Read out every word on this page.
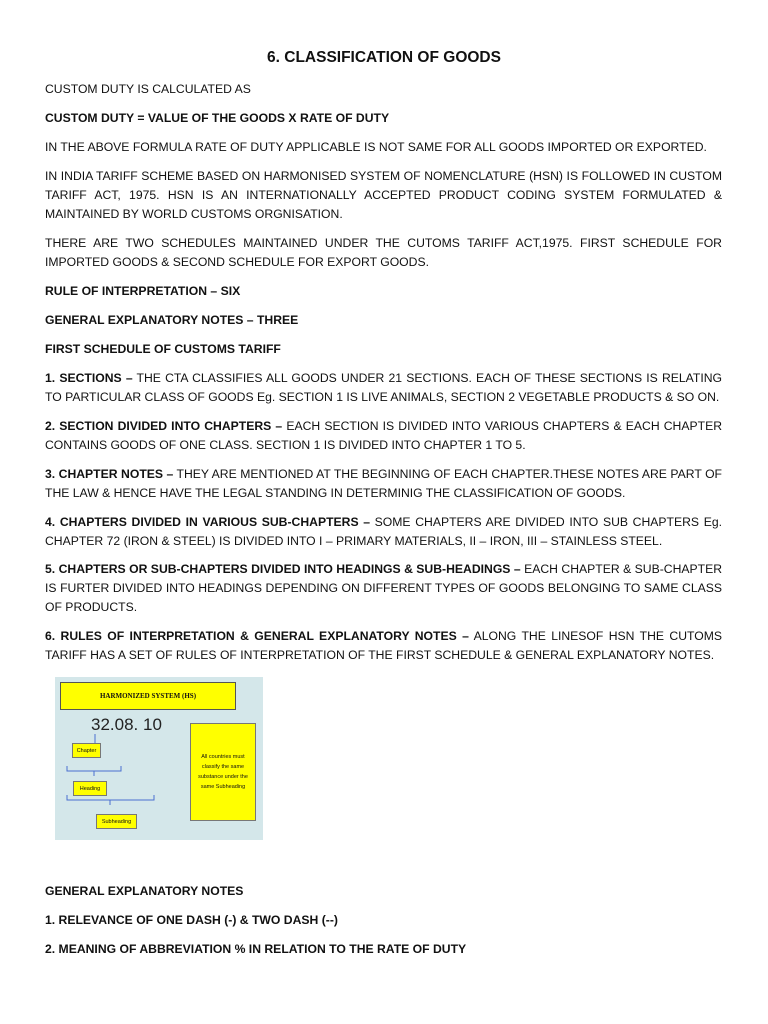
6. CLASSIFICATION OF GOODS

CUSTOM DUTY IS CALCULATED AS

CUSTOM DUTY = VALUE OF THE GOODS X RATE OF DUTY

IN THE ABOVE FORMULA RATE OF DUTY APPLICABLE IS NOT SAME FOR ALL GOODS IMPORTED OR EXPORTED.

IN INDIA TARIFF SCHEME BASED ON HARMONISED SYSTEM OF NOMENCLATURE (HSN) IS FOLLOWED IN CUSTOM TARIFF ACT, 1975. HSN IS AN INTERNATIONALLY ACCEPTED PRODUCT CODING SYSTEM FORMULATED & MAINTAINED BY WORLD CUSTOMS ORGNISATION.

THERE ARE TWO SCHEDULES MAINTAINED UNDER THE CUTOMS TARIFF ACT,1975. FIRST SCHEDULE FOR IMPORTED GOODS & SECOND SCHEDULE FOR EXPORT GOODS.

RULE OF INTERPRETATION – SIX

GENERAL EXPLANATORY NOTES – THREE

FIRST SCHEDULE OF CUSTOMS TARIFF

1. SECTIONS – THE CTA CLASSIFIES ALL GOODS UNDER 21 SECTIONS. EACH OF THESE SECTIONS IS RELATING TO PARTICULAR CLASS OF GOODS Eg. SECTION 1 IS LIVE ANIMALS, SECTION 2 VEGETABLE PRODUCTS & SO ON.

2. SECTION DIVIDED INTO CHAPTERS – EACH SECTION IS DIVIDED INTO VARIOUS CHAPTERS & EACH CHAPTER CONTAINS GOODS OF ONE CLASS. SECTION 1 IS DIVIDED INTO CHAPTER 1 TO 5.

3. CHAPTER NOTES – THEY ARE MENTIONED AT THE BEGINNING OF EACH CHAPTER.THESE NOTES ARE PART OF THE LAW & HENCE HAVE THE LEGAL STANDING IN DETERMINIG THE CLASSIFICATION OF GOODS.

4. CHAPTERS DIVIDED IN VARIOUS SUB-CHAPTERS – SOME CHAPTERS ARE DIVIDED INTO SUB CHAPTERS Eg. CHAPTER 72 (IRON & STEEL) IS DIVIDED INTO I – PRIMARY MATERIALS, II – IRON, III – STAINLESS STEEL.

5. CHAPTERS OR SUB-CHAPTERS DIVIDED INTO HEADINGS & SUB-HEADINGS – EACH CHAPTER & SUB-CHAPTER IS FURTER DIVIDED INTO HEADINGS DEPENDING ON DIFFERENT TYPES OF GOODS BELONGING TO SAME CLASS OF PRODUCTS.

6. RULES OF INTERPRETATION & GENERAL EXPLANATORY NOTES – ALONG THE LINESOF HSN THE CUTOMS TARIFF HAS A SET OF RULES OF INTERPRETATION OF THE FIRST SCHEDULE & GENERAL EXPLANATORY NOTES.

HARMONIZED SYSTEM (HS)
32.08. 10
Chapter
Heading
Subheading
All countries must classify the same substance under the same Subheading

GENERAL EXPLANATORY NOTES

1. RELEVANCE OF ONE DASH (-) & TWO DASH (--)

2. MEANING OF ABBREVIATION % IN RELATION TO THE RATE OF DUTY
